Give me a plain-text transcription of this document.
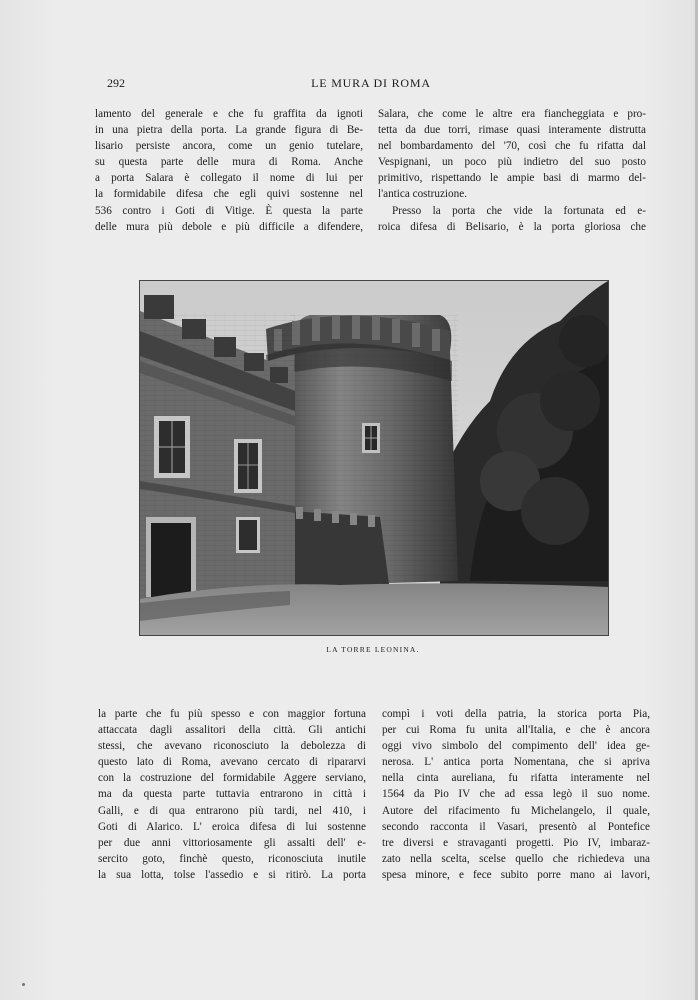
292	LE MURA DI ROMA

lamento del generale e che fu graffita da ignoti
in una pietra della porta. La grande figura di Be-
lisario persiste ancora, come un genio tutelare,
su questa parte delle mura di Roma. Anche
a porta Salara è collegato il nome di lui per
la formidabile difesa che egli quivi sostenne nel
536 contro i Goti di Vitige. È questa la parte
delle mura più debole e più difficile a difendere,

Salara, che come le altre era fiancheggiata e pro-
tetta da due torri, rimase quasi interamente distrutta
nel bombardamento del '70, così che fu rifatta dal
Vespignani, un poco più indietro del suo posto
primitivo, rispettando le ampie basi di marmo del-
l'antica costruzione.

Presso la porta che vide la fortunata ed e-
roica difesa di Belisario, è la porta gloriosa che

LA TORRE LEONINA.

la parte che fu più spesso e con maggior fortuna
attaccata dagli assalitori della città. Gli antichi
stessi, che avevano riconosciuto la debolezza di
questo lato di Roma, avevano cercato di ripararvi
con la costruzione del formidabile Aggere serviano,
ma da questa parte tuttavia entrarono in città i
Galli, e di qua entrarono più tardi, nel 410, i
Goti di Alarico. L' eroica difesa di lui sostenne
per due anni vittoriosamente gli assalti dell' e-
sercito goto, finchè questo, riconosciuta inutile
la sua lotta, tolse l'assedio e si ritirò. La porta

compì i voti della patria, la storica porta Pia,
per cui Roma fu unita all'Italia, e che è ancora
oggi vivo simbolo del compimento dell' idea ge-
nerosa. L' antica porta Nomentana, che si apriva
nella cinta aureliana, fu rifatta interamente nel
1564 da Pio IV che ad essa legò il suo nome.
Autore del rifacimento fu Michelangelo, il quale,
secondo racconta il Vasari, presentò al Pontefice
tre diversi e stravaganti progetti. Pio IV, imbaraz-
zato nella scelta, scelse quello che richiedeva una
spesa minore, e fece subito porre mano ai lavori,
